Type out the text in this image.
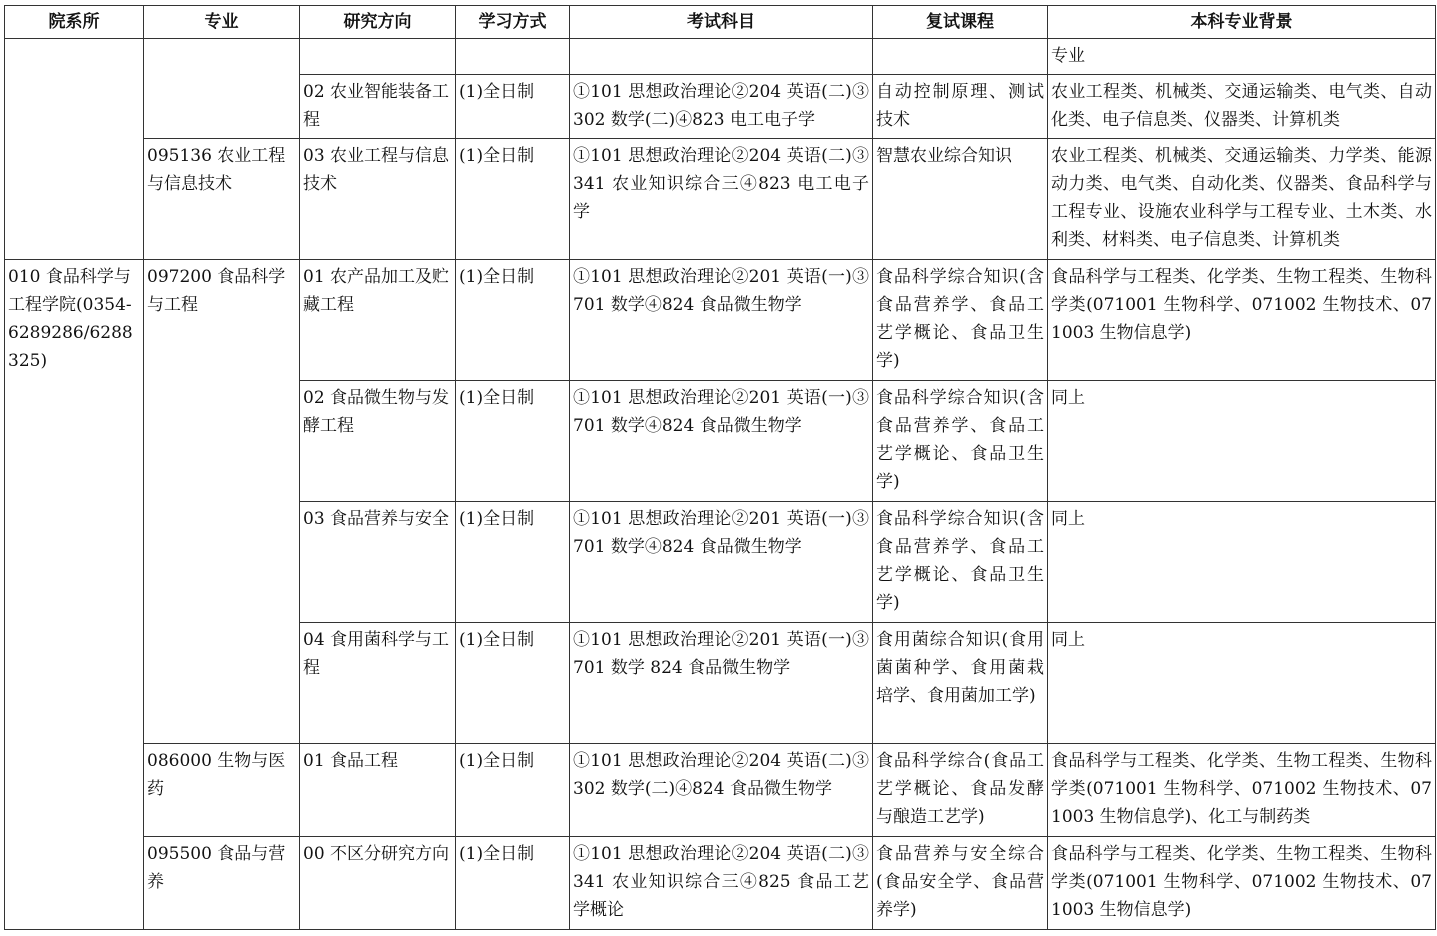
院系所	专业	研究方向	学习方式	考试科目	复试课程	本科专业背景
						专业
		02 农业智能装备工程	(1)全日制	①101 思想政治理论②204 英语(二)③302 数学(二)④823 电工电子学	自动控制原理、测试技术	农业工程类、机械类、交通运输类、电气类、自动化类、电子信息类、仪器类、计算机类
	095136 农业工程与信息技术	03 农业工程与信息技术	(1)全日制	①101 思想政治理论②204 英语(二)③341 农业知识综合三④823 电工电子学	智慧农业综合知识	农业工程类、机械类、交通运输类、力学类、能源动力类、电气类、自动化类、仪器类、食品科学与工程专业、设施农业科学与工程专业、土木类、水利类、材料类、电子信息类、计算机类
010 食品科学与工程学院(0354-6289286/6288325)	097200 食品科学与工程	01 农产品加工及贮藏工程	(1)全日制	①101 思想政治理论②201 英语(一)③701 数学④824 食品微生物学	食品科学综合知识(含食品营养学、食品工艺学概论、食品卫生学)	食品科学与工程类、化学类、生物工程类、生物科学类(071001 生物科学、071002 生物技术、071003 生物信息学)
		02 食品微生物与发酵工程	(1)全日制	①101 思想政治理论②201 英语(一)③701 数学④824 食品微生物学	食品科学综合知识(含食品营养学、食品工艺学概论、食品卫生学)	同上
		03 食品营养与安全	(1)全日制	①101 思想政治理论②201 英语(一)③701 数学④824 食品微生物学	食品科学综合知识(含食品营养学、食品工艺学概论、食品卫生学)	同上
		04 食用菌科学与工程	(1)全日制	①101 思想政治理论②201 英语(一)③701 数学 824 食品微生物学	食用菌综合知识(食用菌菌种学、食用菌栽培学、食用菌加工学)	同上
	086000 生物与医药	01 食品工程	(1)全日制	①101 思想政治理论②204 英语(二)③302 数学(二)④824 食品微生物学	食品科学综合(食品工艺学概论、食品发酵与酿造工艺学)	食品科学与工程类、化学类、生物工程类、生物科学类(071001 生物科学、071002 生物技术、071003 生物信息学)、化工与制药类
	095500 食品与营养	00 不区分研究方向	(1)全日制	①101 思想政治理论②204 英语(二)③341 农业知识综合三④825 食品工艺学概论	食品营养与安全综合(食品安全学、食品营养学)	食品科学与工程类、化学类、生物工程类、生物科学类(071001 生物科学、071002 生物技术、071003 生物信息学)
